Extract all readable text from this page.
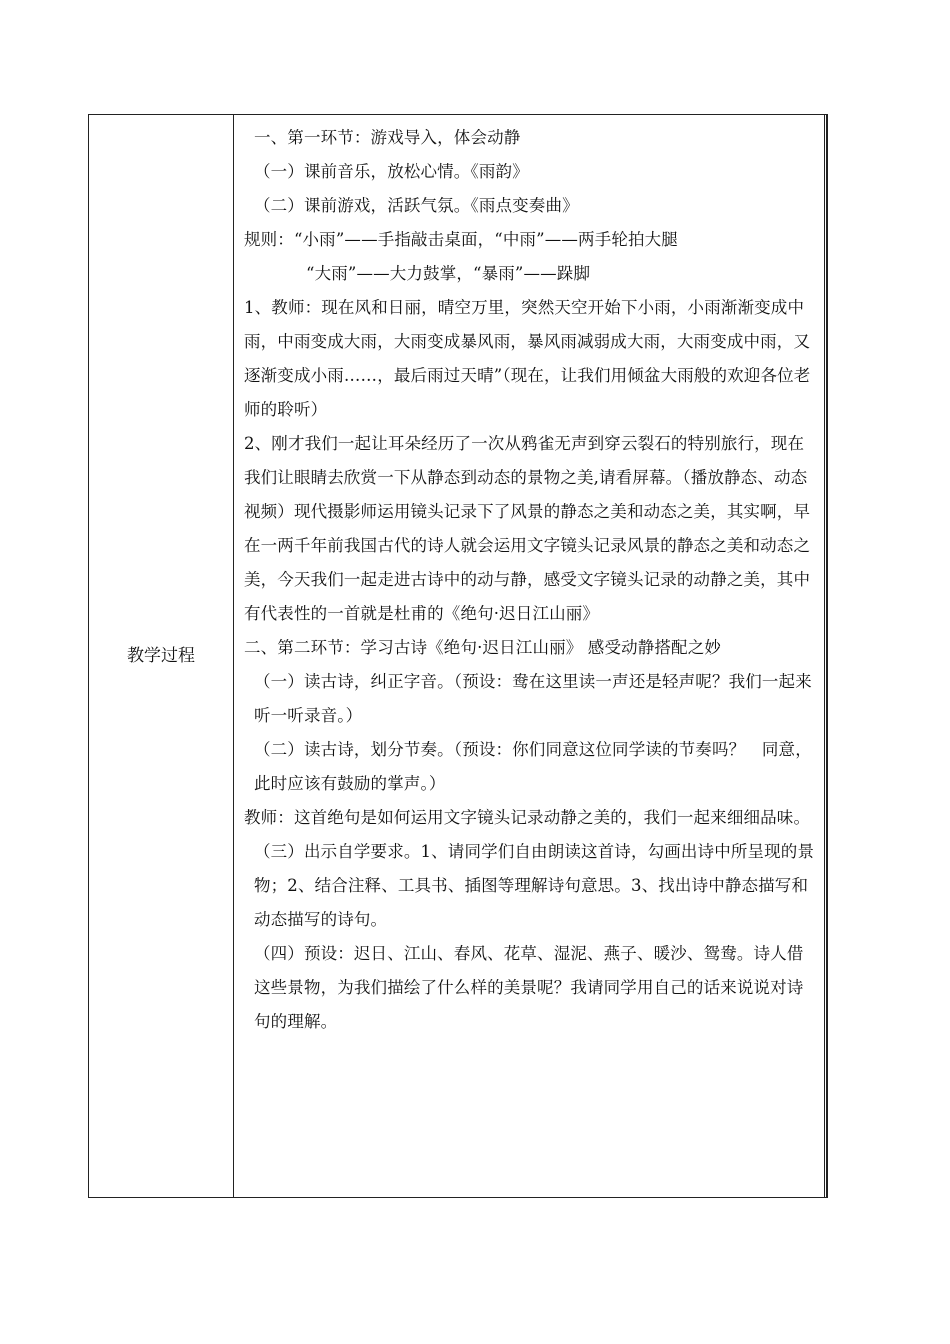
教学过程

一、第一环节：游戏导入，体会动静

（一）课前音乐，放松心情。《雨韵》

（二）课前游戏，活跃气氛。《雨点变奏曲》

规则：“小雨”——手指敲击桌面，“中雨”——两手轮拍大腿

“大雨”——大力鼓掌，“暴雨”——跺脚

1、教师：现在风和日丽，晴空万里，突然天空开始下小雨，小雨渐渐变成中雨，中雨变成大雨，大雨变成暴风雨，暴风雨减弱成大雨，大雨变成中雨，又逐渐变成小雨……，最后雨过天晴”（现在，让我们用倾盆大雨般的欢迎各位老师的聆听）

2、刚才我们一起让耳朵经历了一次从鸦雀无声到穿云裂石的特别旅行，现在我们让眼睛去欣赏一下从静态到动态的景物之美,请看屏幕。（播放静态、动态视频）现代摄影师运用镜头记录下了风景的静态之美和动态之美，其实啊，早在一两千年前我国古代的诗人就会运用文字镜头记录风景的静态之美和动态之美，今天我们一起走进古诗中的动与静，感受文字镜头记录的动静之美，其中有代表性的一首就是杜甫的《绝句·迟日江山丽》

二、第二环节：学习古诗《绝句·迟日江山丽》 感受动静搭配之妙

（一）读古诗，纠正字音。（预设：鸯在这里读一声还是轻声呢？我们一起来听一听录音。）

（二）读古诗，划分节奏。（预设：你们同意这位同学读的节奏吗？　同意，此时应该有鼓励的掌声。）

教师：这首绝句是如何运用文字镜头记录动静之美的，我们一起来细细品味。

（三）出示自学要求。1、请同学们自由朗读这首诗，勾画出诗中所呈现的景物；2、结合注释、工具书、插图等理解诗句意思。3、找出诗中静态描写和动态描写的诗句。

（四）预设：迟日、江山、春风、花草、湿泥、燕子、暖沙、鸳鸯。诗人借这些景物，为我们描绘了什么样的美景呢？我请同学用自己的话来说说对诗句的理解。
